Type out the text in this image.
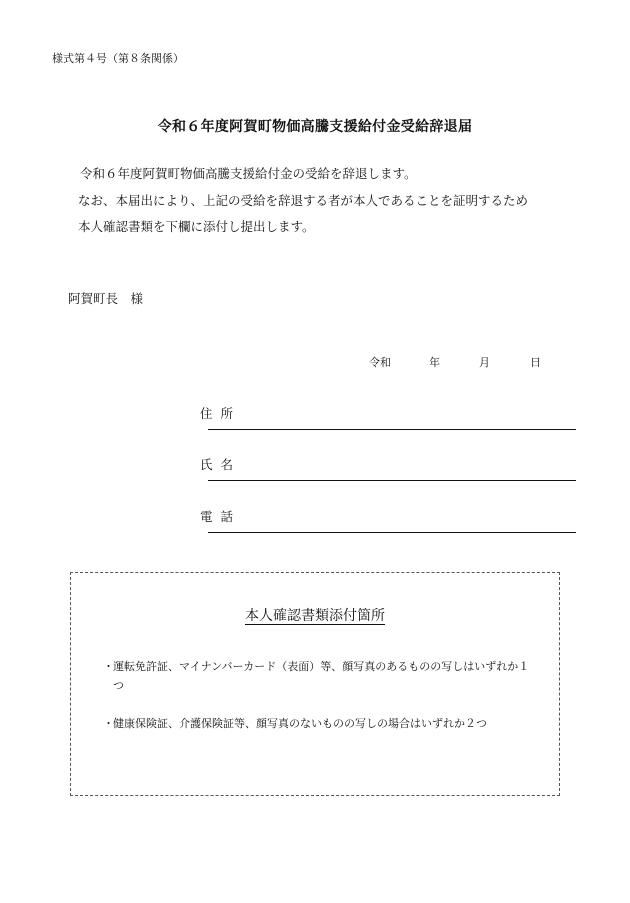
様式第４号（第８条関係）
令和６年度阿賀町物価高騰支援給付金受給辞退届
令和６年度阿賀町物価高騰支援給付金の受給を辞退します。
なお、本届出により、上記の受給を辞退する者が本人であることを証明するため
本人確認書類を下欄に添付し提出します。
阿賀町長　様
令和	年	月	日
住 所
氏 名
電 話
本人確認書類添付箇所
・ 運転免許証、マイナンバーカード（表面）等、顔写真のあるものの写しはいずれか１つ
・ 健康保険証、介護保険証等、顔写真のないものの写しの場合はいずれか２つ
